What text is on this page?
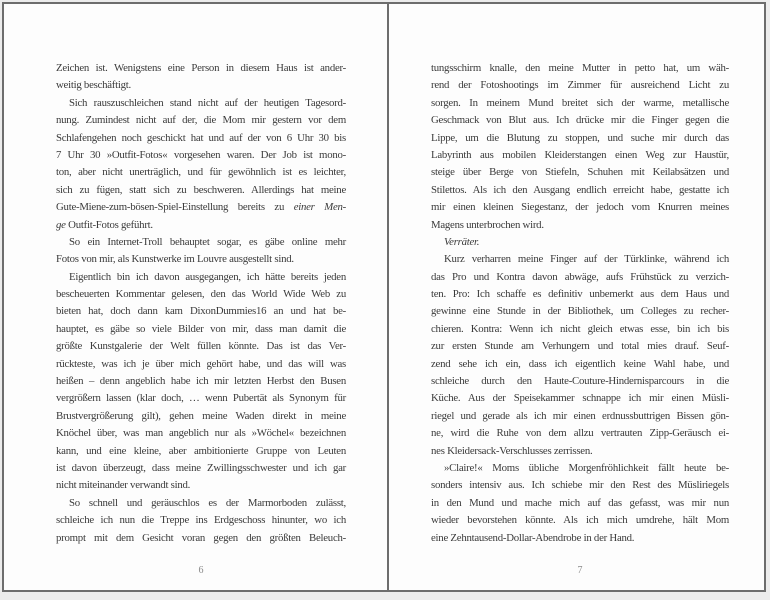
Zeichen ist. Wenigstens eine Person in diesem Haus ist ander-
weitig beschäftigt.
Sich rauszuschleichen stand nicht auf der heutigen Tagesord-
nung. Zumindest nicht auf der, die Mom mir gestern vor dem
Schlafengehen noch geschickt hat und auf der von 6 Uhr 30 bis
7 Uhr 30 »Outfit-Fotos« vorgesehen waren. Der Job ist mono-
ton, aber nicht unerträglich, und für gewöhnlich ist es leichter,
sich zu fügen, statt sich zu beschweren. Allerdings hat meine
Gute-Miene-zum-bösen-Spiel-Einstellung bereits zu einer Men-
ge Outfit-Fotos geführt.
So ein Internet-Troll behauptet sogar, es gäbe online mehr
Fotos von mir, als Kunstwerke im Louvre ausgestellt sind.
Eigentlich bin ich davon ausgegangen, ich hätte bereits jeden
bescheuerten Kommentar gelesen, den das World Wide Web zu
bieten hat, doch dann kam DixonDummies16 an und hat be-
hauptet, es gäbe so viele Bilder von mir, dass man damit die
größte Kunstgalerie der Welt füllen könnte. Das ist das Ver-
rückteste, was ich je über mich gehört habe, und das will was
heißen – denn angeblich habe ich mir letzten Herbst den Busen
vergrößern lassen (klar doch, … wenn Pubertät als Synonym für
Brustvergrößerung gilt), gehen meine Waden direkt in meine
Knöchel über, was man angeblich nur als »Wöchel« bezeichnen
kann, und eine kleine, aber ambitionierte Gruppe von Leuten
ist davon überzeugt, dass meine Zwillingsschwester und ich gar
nicht miteinander verwandt sind.
So schnell und geräuschlos es der Marmorboden zulässt,
schleiche ich nun die Treppe ins Erdgeschoss hinunter, wo ich
prompt mit dem Gesicht voran gegen den größten Beleuch-
6
tungsschirm knalle, den meine Mutter in petto hat, um wäh-
rend der Fotoshootings im Zimmer für ausreichend Licht zu
sorgen. In meinem Mund breitet sich der warme, metallische
Geschmack von Blut aus. Ich drücke mir die Finger gegen die
Lippe, um die Blutung zu stoppen, und suche mir durch das
Labyrinth aus mobilen Kleiderstangen einen Weg zur Haustür,
steige über Berge von Stiefeln, Schuhen mit Keilabsätzen und
Stilettos. Als ich den Ausgang endlich erreicht habe, gestatte ich
mir einen kleinen Siegestanz, der jedoch vom Knurren meines
Magens unterbrochen wird.
Verräter.
Kurz verharren meine Finger auf der Türklinke, während ich
das Pro und Kontra davon abwäge, aufs Frühstück zu verzich-
ten. Pro: Ich schaffe es definitiv unbemerkt aus dem Haus und
gewinne eine Stunde in der Bibliothek, um Colleges zu recher-
chieren. Kontra: Wenn ich nicht gleich etwas esse, bin ich bis
zur ersten Stunde am Verhungern und total mies drauf. Seuf-
zend sehe ich ein, dass ich eigentlich keine Wahl habe, und
schleiche durch den Haute-Couture-Hindernisparcours in die
Küche. Aus der Speisekammer schnappe ich mir einen Müsli-
riegel und gerade als ich mir einen erdnussbuttrigen Bissen gön-
ne, wird die Ruhe von dem allzu vertrauten Zipp-Geräusch ei-
nes Kleidersack-Verschlusses zerrissen.
»Claire!« Moms übliche Morgenfröhlichkeit fällt heute be-
sonders intensiv aus. Ich schiebe mir den Rest des Müsliriegels
in den Mund und mache mich auf das gefasst, was mir nun
wieder bevorstehen könnte. Als ich mich umdrehe, hält Mom
eine Zehntausend-Dollar-Abendrobe in der Hand.
7
